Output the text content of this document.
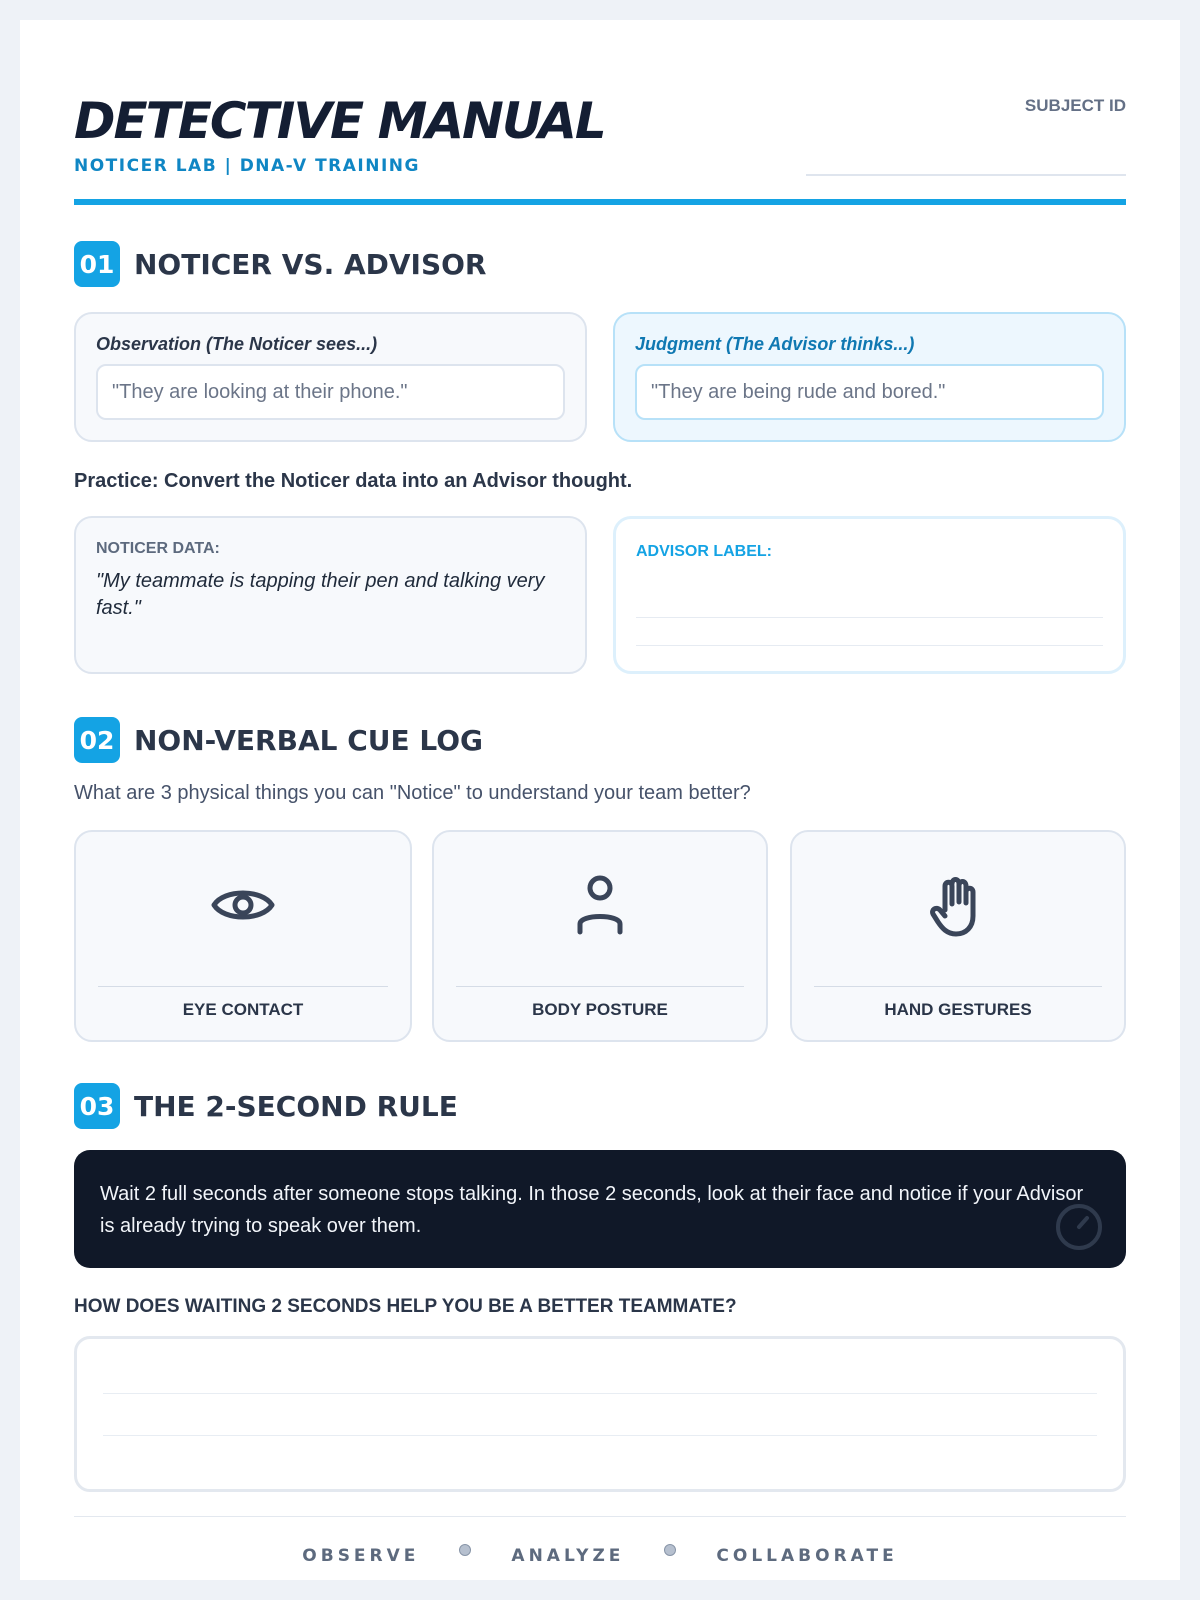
DETECTIVE MANUAL
NOTICER LAB | DNA-V TRAINING
SUBJECT ID
01 NOTICER VS. ADVISOR
Observation (The Noticer sees...)
"They are looking at their phone."
Judgment (The Advisor thinks...)
"They are being rude and bored."
Practice: Convert the Noticer data into an Advisor thought.
NOTICER DATA:
"My teammate is tapping their pen and talking very fast."
ADVISOR LABEL:
02 NON-VERBAL CUE LOG
What are 3 physical things you can "Notice" to understand your team better?
EYE CONTACT	BODY POSTURE	HAND GESTURES
03 THE 2-SECOND RULE
Wait 2 full seconds after someone stops talking. In those 2 seconds, look at their face and notice if your Advisor is already trying to speak over them.
HOW DOES WAITING 2 SECONDS HELP YOU BE A BETTER TEAMMATE?
OBSERVE	ANALYZE	COLLABORATE
